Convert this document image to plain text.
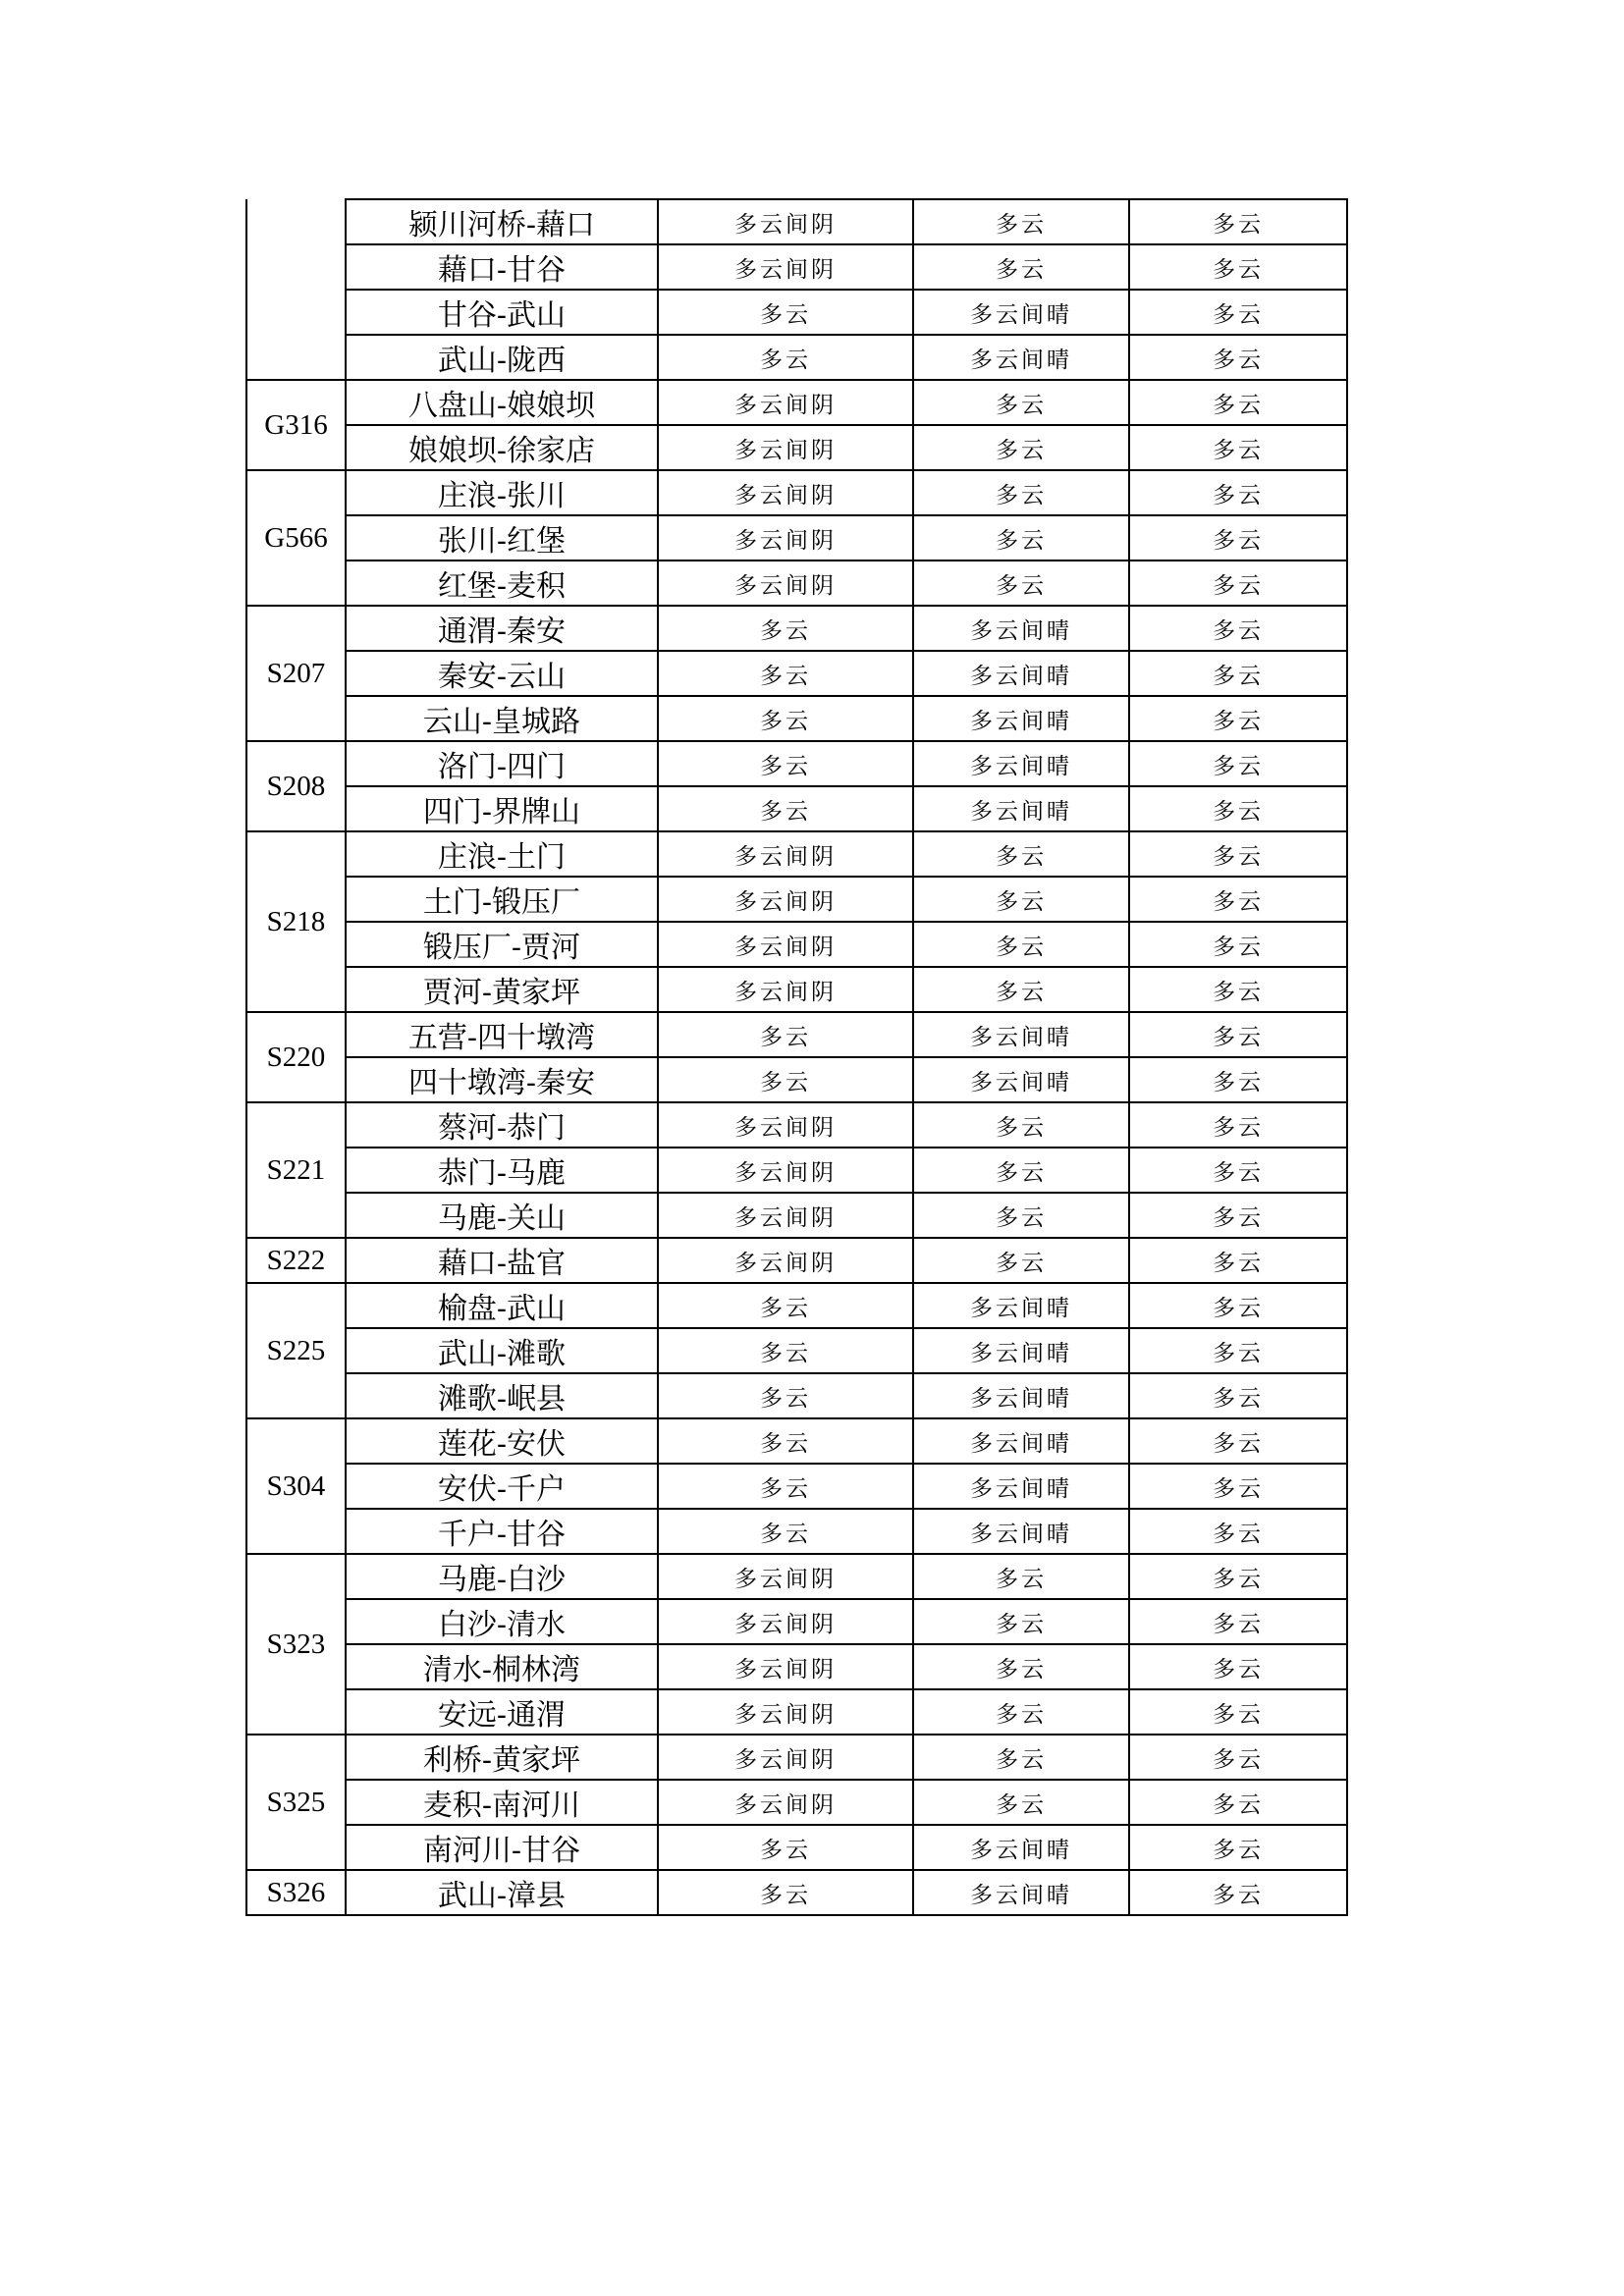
	颍川河桥-藉口	多云间阴	多云	多云
	藉口-甘谷	多云间阴	多云	多云
	甘谷-武山	多云	多云间晴	多云
	武山-陇西	多云	多云间晴	多云
G316	八盘山-娘娘坝	多云间阴	多云	多云
	娘娘坝-徐家店	多云间阴	多云	多云
G566	庄浪-张川	多云间阴	多云	多云
	张川-红堡	多云间阴	多云	多云
	红堡-麦积	多云间阴	多云	多云
S207	通渭-秦安	多云	多云间晴	多云
	秦安-云山	多云	多云间晴	多云
	云山-皇城路	多云	多云间晴	多云
S208	洛门-四门	多云	多云间晴	多云
	四门-界牌山	多云	多云间晴	多云
S218	庄浪-土门	多云间阴	多云	多云
	土门-锻压厂	多云间阴	多云	多云
	锻压厂-贾河	多云间阴	多云	多云
	贾河-黄家坪	多云间阴	多云	多云
S220	五营-四十墩湾	多云	多云间晴	多云
	四十墩湾-秦安	多云	多云间晴	多云
S221	蔡河-恭门	多云间阴	多云	多云
	恭门-马鹿	多云间阴	多云	多云
	马鹿-关山	多云间阴	多云	多云
S222	藉口-盐官	多云间阴	多云	多云
S225	榆盘-武山	多云	多云间晴	多云
	武山-滩歌	多云	多云间晴	多云
	滩歌-岷县	多云	多云间晴	多云
S304	莲花-安伏	多云	多云间晴	多云
	安伏-千户	多云	多云间晴	多云
	千户-甘谷	多云	多云间晴	多云
S323	马鹿-白沙	多云间阴	多云	多云
	白沙-清水	多云间阴	多云	多云
	清水-桐林湾	多云间阴	多云	多云
	安远-通渭	多云间阴	多云	多云
S325	利桥-黄家坪	多云间阴	多云	多云
	麦积-南河川	多云间阴	多云	多云
	南河川-甘谷	多云	多云间晴	多云
S326	武山-漳县	多云	多云间晴	多云
